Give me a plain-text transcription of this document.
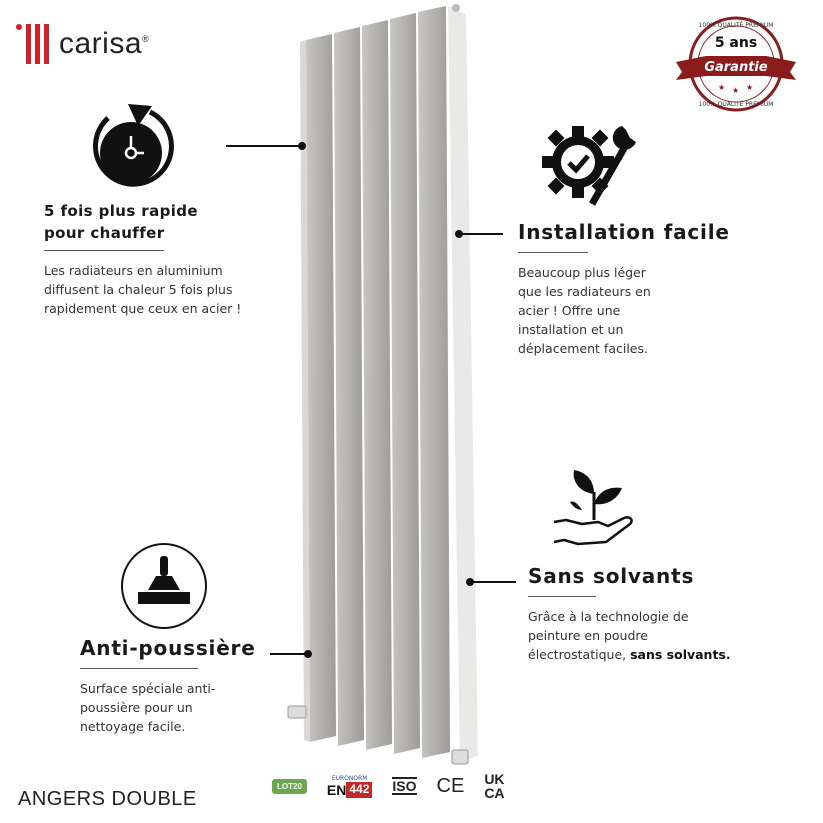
carisa®
100% QUALITÉ PREMIUM
5 ans
Garantie
100% QUALITÉ PREMIUM
★ ★ ★
5 fois plus rapide
pour chauffer
Les radiateurs en aluminium diffusent la chaleur 5 fois plus rapidement que ceux en acier !
Installation facile
Beaucoup plus léger que les radiateurs en acier ! Offre une installation et un déplacement faciles.
Sans solvants
Grâce à la technologie de peinture en poudre électrostatique, sans solvants.
Anti-poussière
Surface spéciale anti-poussière pour un nettoyage facile.
ANGERS DOUBLE
LOT20
EURONORM
EN 442 ISO CE UK
CA
